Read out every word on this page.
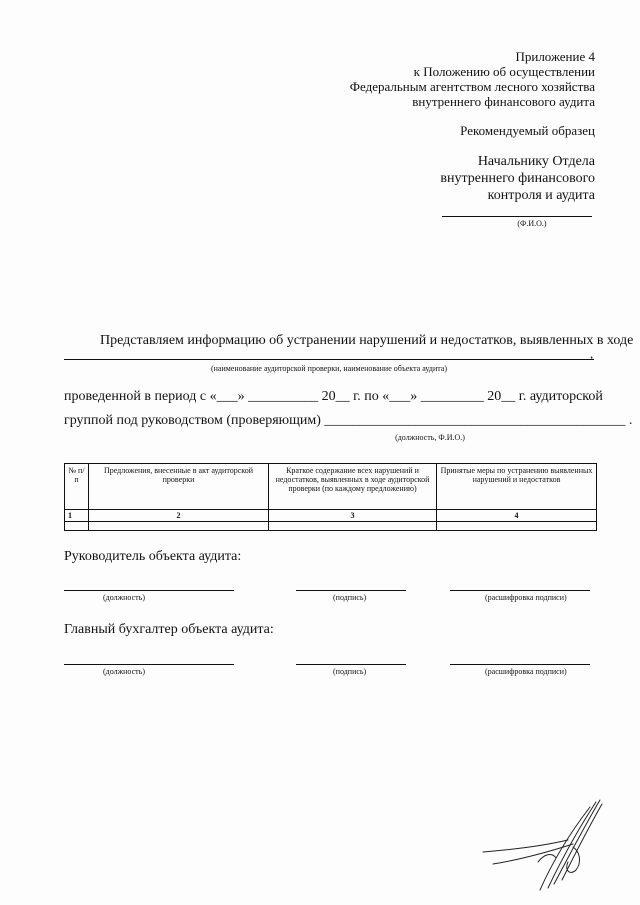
Приложение 4
к Положению об осуществлении
Федеральным агентством лесного хозяйства
внутреннего финансового аудита
Рекомендуемый образец
Начальнику Отдела
внутреннего финансового
контроля и аудита
(Ф.И.О.)
Представляем информацию об устранении нарушений и недостатков, выявленных в ходе
,
(наименование аудиторской проверки, наименование объекта аудита)
проведенной в период с «___» __________ 20__ г. по «___» _________ 20__ г. аудиторской
группой под руководством (проверяющим) ___________________________________________ .
(должность, Ф.И.О.)
№ п/п	Предложения, внесенные в акт аудиторской проверки	Краткое содержание всех нарушений и недостатков, выявленных в ходе аудиторской проверки (по каждому предложению)	Принятые меры по устранению выявленных нарушений и недостатков
1	2	3	4

Руководитель объекта аудита:
(должность)	(подпись)	(расшифровка подписи)
Главный бухгалтер объекта аудита:
(должность)	(подпись)	(расшифровка подписи)
